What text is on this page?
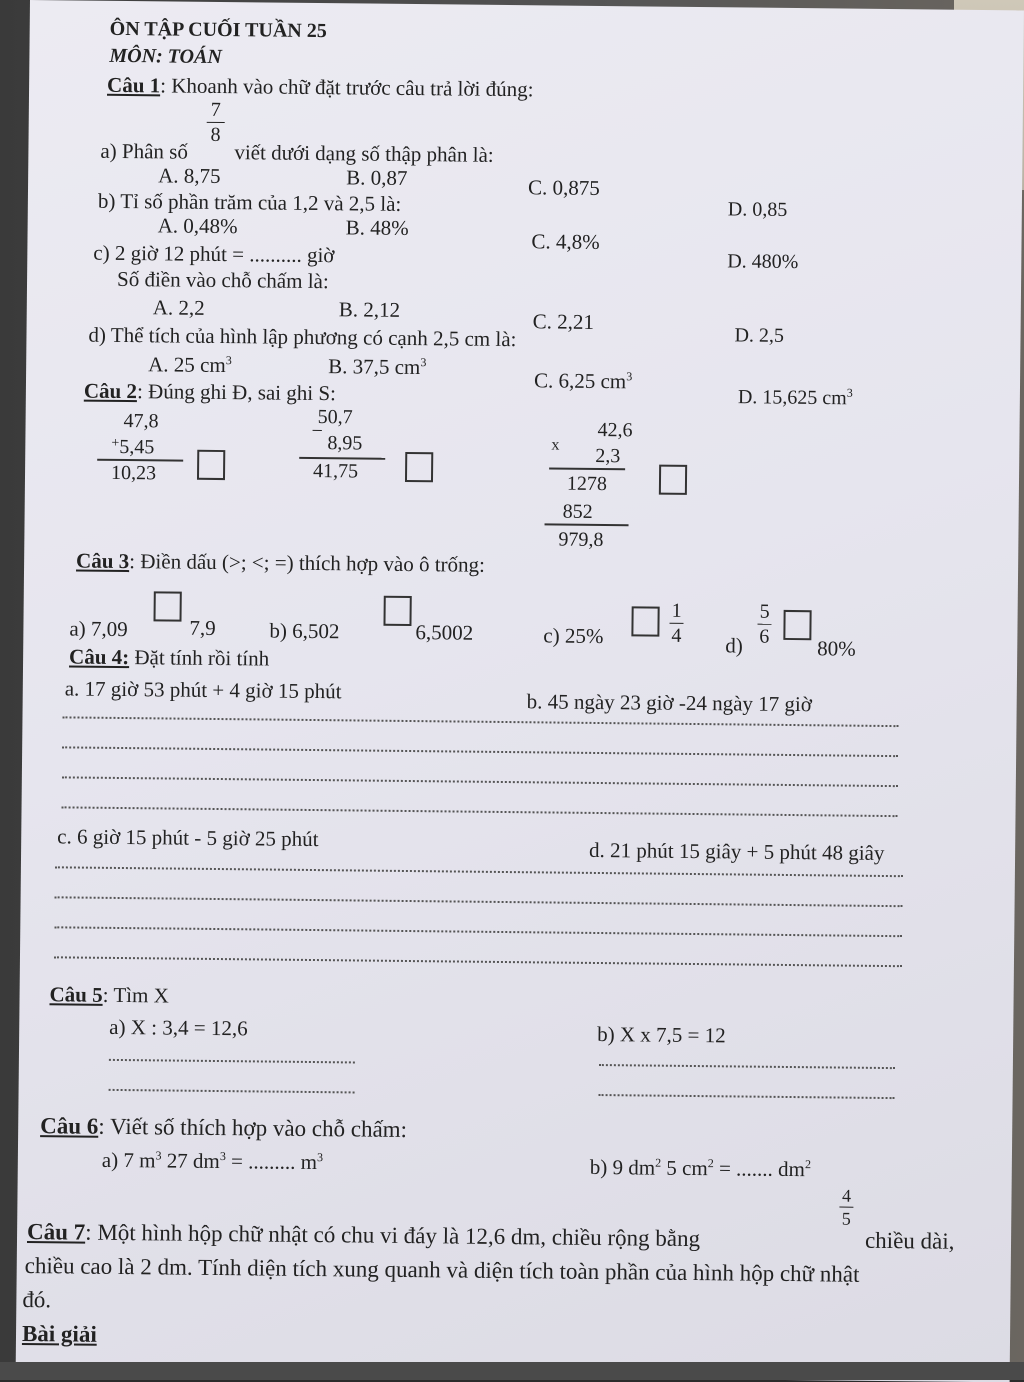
ÔN TẬP CUỐI TUẦN 25
MÔN: TOÁN
Câu 1: Khoanh vào chữ đặt trước câu trả lời đúng:
a) Phân số
7
8
viết dưới dạng số thập phân là:
A. 8,75	B. 0,87	C. 0,875
D. 0,85
b) Tỉ số phần trăm của 1,2 và 2,5 là:
A. 0,48%	B. 48%
C. 4,8%
D. 480%
c) 2 giờ 12 phút = .......... giờ
Số điền vào chỗ chấm là:
A. 2,2	B. 2,12	C. 2,21
D. 2,5
d) Thể tích của hình lập phương có cạnh 2,5 cm là:
A. 25 $cm^3$	B. 37,5 $cm^3$
C. 6,25 $cm^3$
D. 15,625 $cm^3$
Câu 2: Đúng ghi Đ, sai ghi S:
47,8
+ 5,45
10,23
−
50,7
8,95
41,75
42,6
x 2,3
1278
852
979,8
Câu 3: Điền dấu (>; <; =) thích hợp vào ô trống:
a) 7,09	7,9	b) 6,502	6,5002	c) 25%
1
4 d)
5
6 80%
Câu 4: Đặt tính rồi tính
a. 17 giờ 53 phút + 4 giờ 15 phút	b. 45 ngày 23 giờ -24 ngày 17 giờ
c. 6 giờ 15 phút - 5 giờ 25 phút
d. 21 phút 15 giây + 5 phút 48 giây
Câu 5: Tìm X
a) X : 3,4 = 12,6	b) X x 7,5 = 12
Câu 6: Viết số thích hợp vào chỗ chấm:
a) 7 $m^3$ 27 $dm^3$ = ......... $m^3$	b) 9 $dm^2$ 5 $cm^2$ = ....... $dm^2$
Câu 7: Một hình hộp chữ nhật có chu vi đáy là 12,6 dm, chiều rộng bằng
4
5
chiều dài,
chiều cao là 2 dm. Tính diện tích xung quanh và diện tích toàn phần của hình hộp chữ nhật
đó.
Bài giải
